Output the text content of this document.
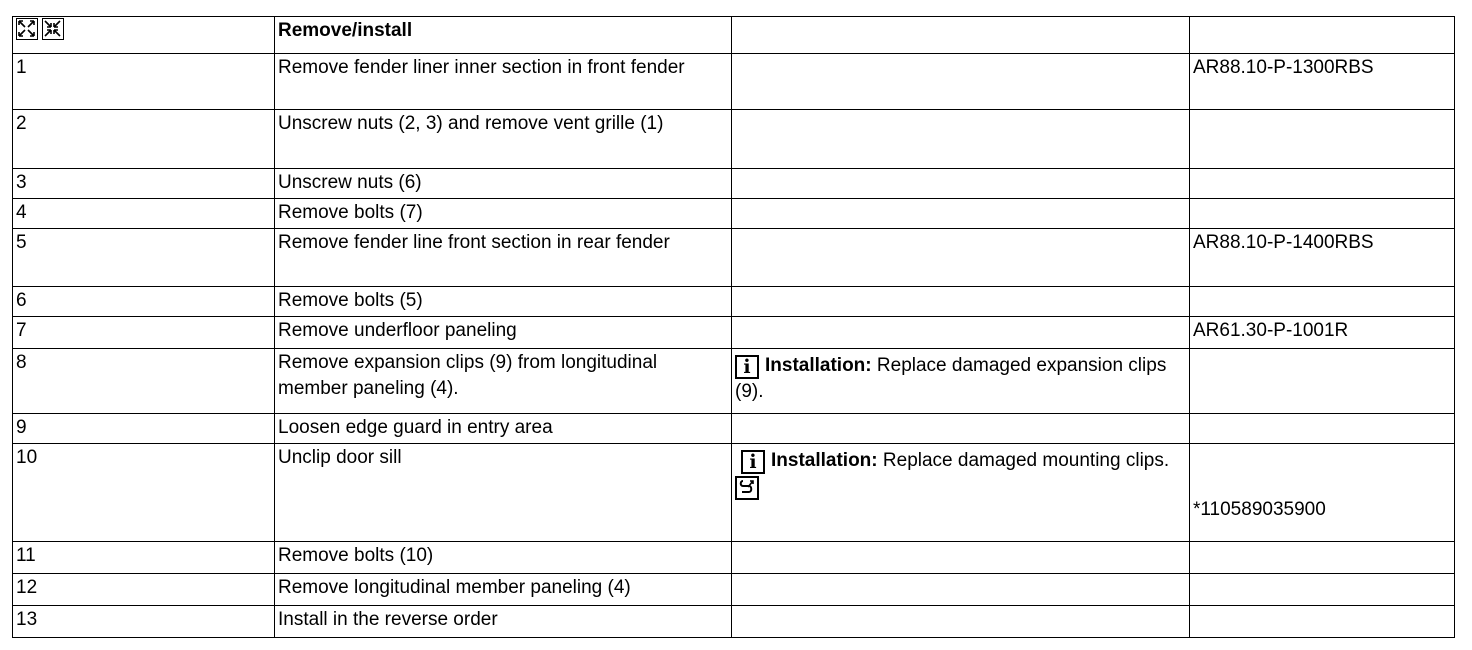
	Remove/install		
1	Remove fender liner inner section in front fender		AR88.10-P-1300RBS
2	Unscrew nuts (2, 3) and remove vent grille (1)		
3	Unscrew nuts (6)		
4	Remove bolts (7)		
5	Remove fender line front section in rear fender		AR88.10-P-1400RBS
6	Remove bolts (5)		
7	Remove underfloor paneling		AR61.30-P-1001R
8	Remove expansion clips (9) from longitudinal member paneling (4).	i Installation: Replace damaged expansion clips (9).	

9	Loosen edge guard in entry area		
10	Unclip door sill	i Installation: Replace damaged mounting clips.	*110589035900

11	Remove bolts (10)		
12	Remove longitudinal member paneling (4)		
13	Install in the reverse order		
